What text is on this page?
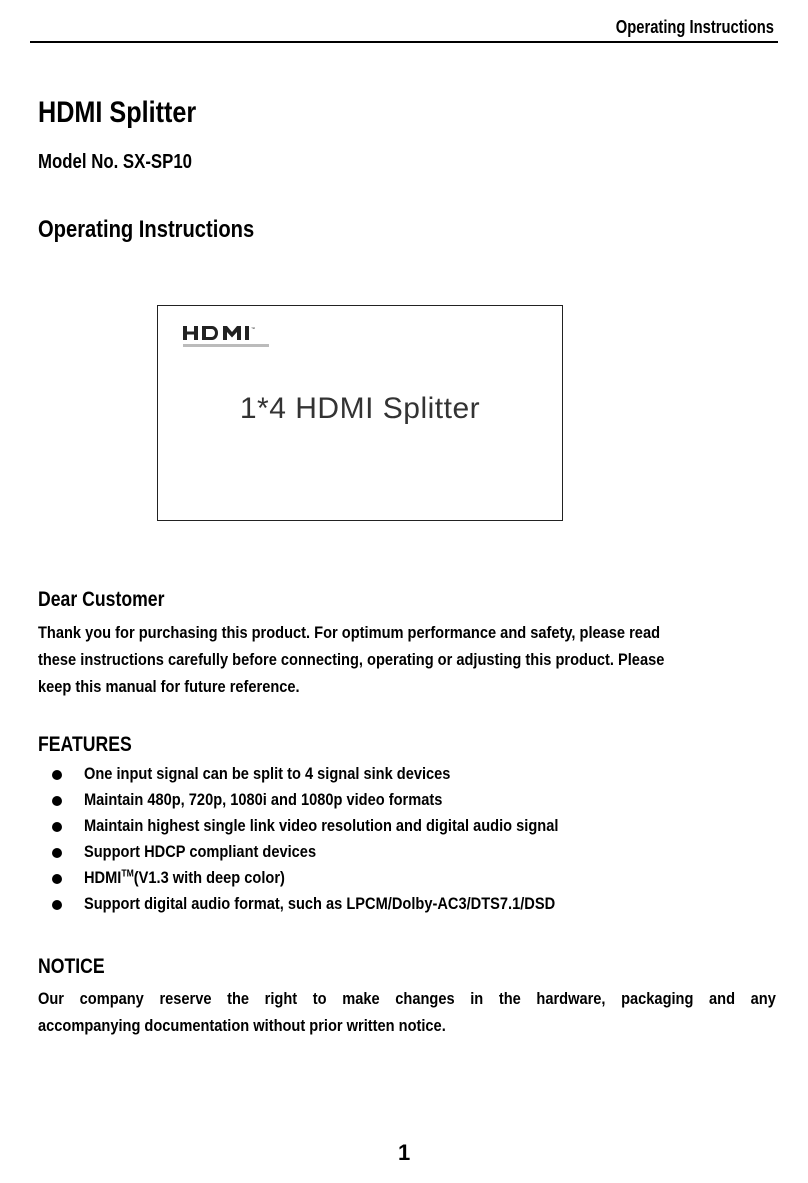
Operating Instructions
HDMI Splitter
Model No. SX-SP10
Operating Instructions
™
1*4 HDMI Splitter
Dear Customer
Thank you for purchasing this product. For optimum performance and safety, please read
these instructions carefully before connecting, operating or adjusting this product. Please
keep this manual for future reference.
FEATURES
One input signal can be split to 4 signal sink devices
Maintain 480p, 720p, 1080i and 1080p video formats
Maintain highest single link video resolution and digital audio signal
Support HDCP compliant devices
HDMI™(V1.3 with deep color)
Support digital audio format, such as LPCM/Dolby-AC3/DTS7.1/DSD
NOTICE
Our company reserve the right to make changes in the hardware, packaging and any
accompanying documentation without prior written notice.
1
